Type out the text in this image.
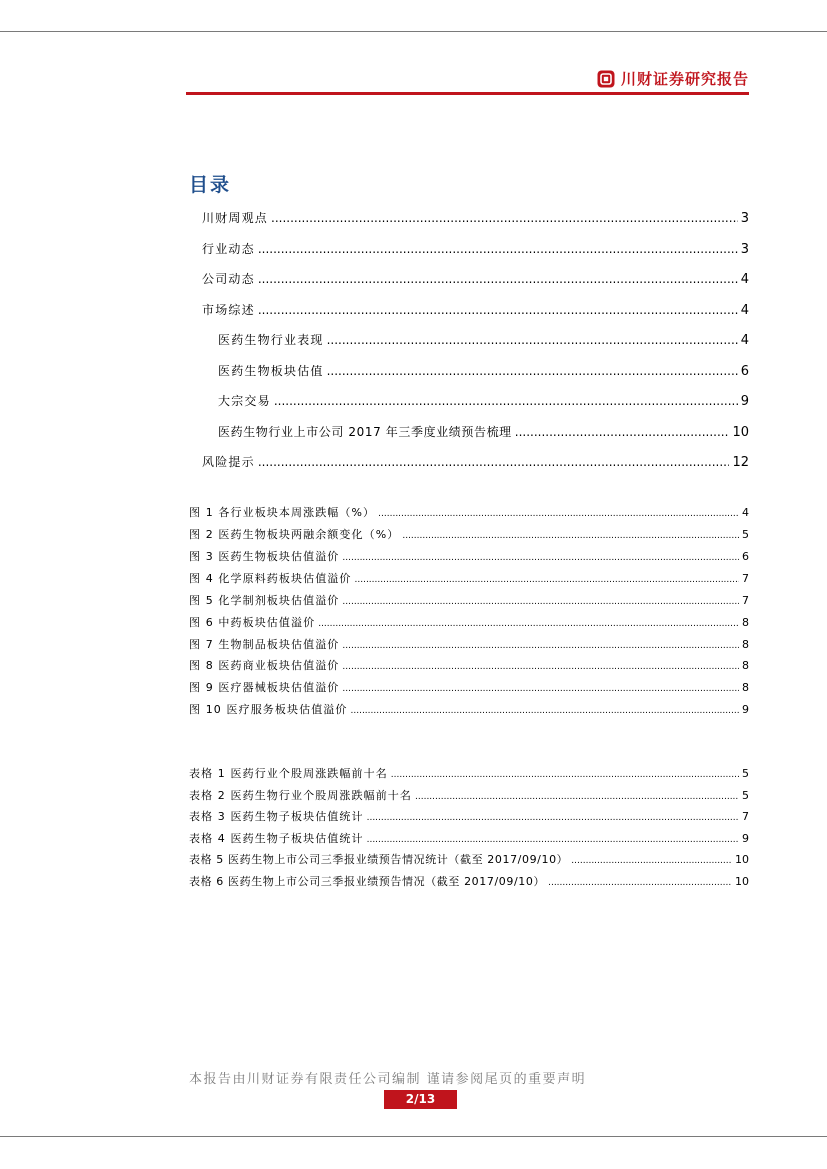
川财证券研究报告
目录
川财周观点 .....	3
行业动态 .....	3
公司动态 .....	4
市场综述 .....	4
医药生物行业表现 .....	4
医药生物板块估值 .....	6
大宗交易 .....	9
医药生物行业上市公司 2017 年三季度业绩预告梳理 .....	10
风险提示 .....	12
图 1 各行业板块本周涨跌幅（%） .....	4
图 2 医药生物板块两融余额变化（%） .....	5
图 3 医药生物板块估值溢价 .....	6
图 4 化学原料药板块估值溢价 .....	7
图 5 化学制剂板块估值溢价 .....	7
图 6 中药板块估值溢价 .....	8
图 7 生物制品板块估值溢价 .....	8
图 8 医药商业板块估值溢价 .....	8
图 9 医疗器械板块估值溢价 .....	8
图 10 医疗服务板块估值溢价 .....	9
表格 1 医药行业个股周涨跌幅前十名 .....	5
表格 2 医药生物行业个股周涨跌幅前十名 .....	5
表格 3 医药生物子板块估值统计 .....	7
表格 4 医药生物子板块估值统计 .....	9
表格 5 医药生物上市公司三季报业绩预告情况统计（截至 2017/09/10） .....	10
表格 6 医药生物上市公司三季报业绩预告情况（截至 2017/09/10） .....	10
本报告由川财证券有限责任公司编制 谨请参阅尾页的重要声明
2/13
